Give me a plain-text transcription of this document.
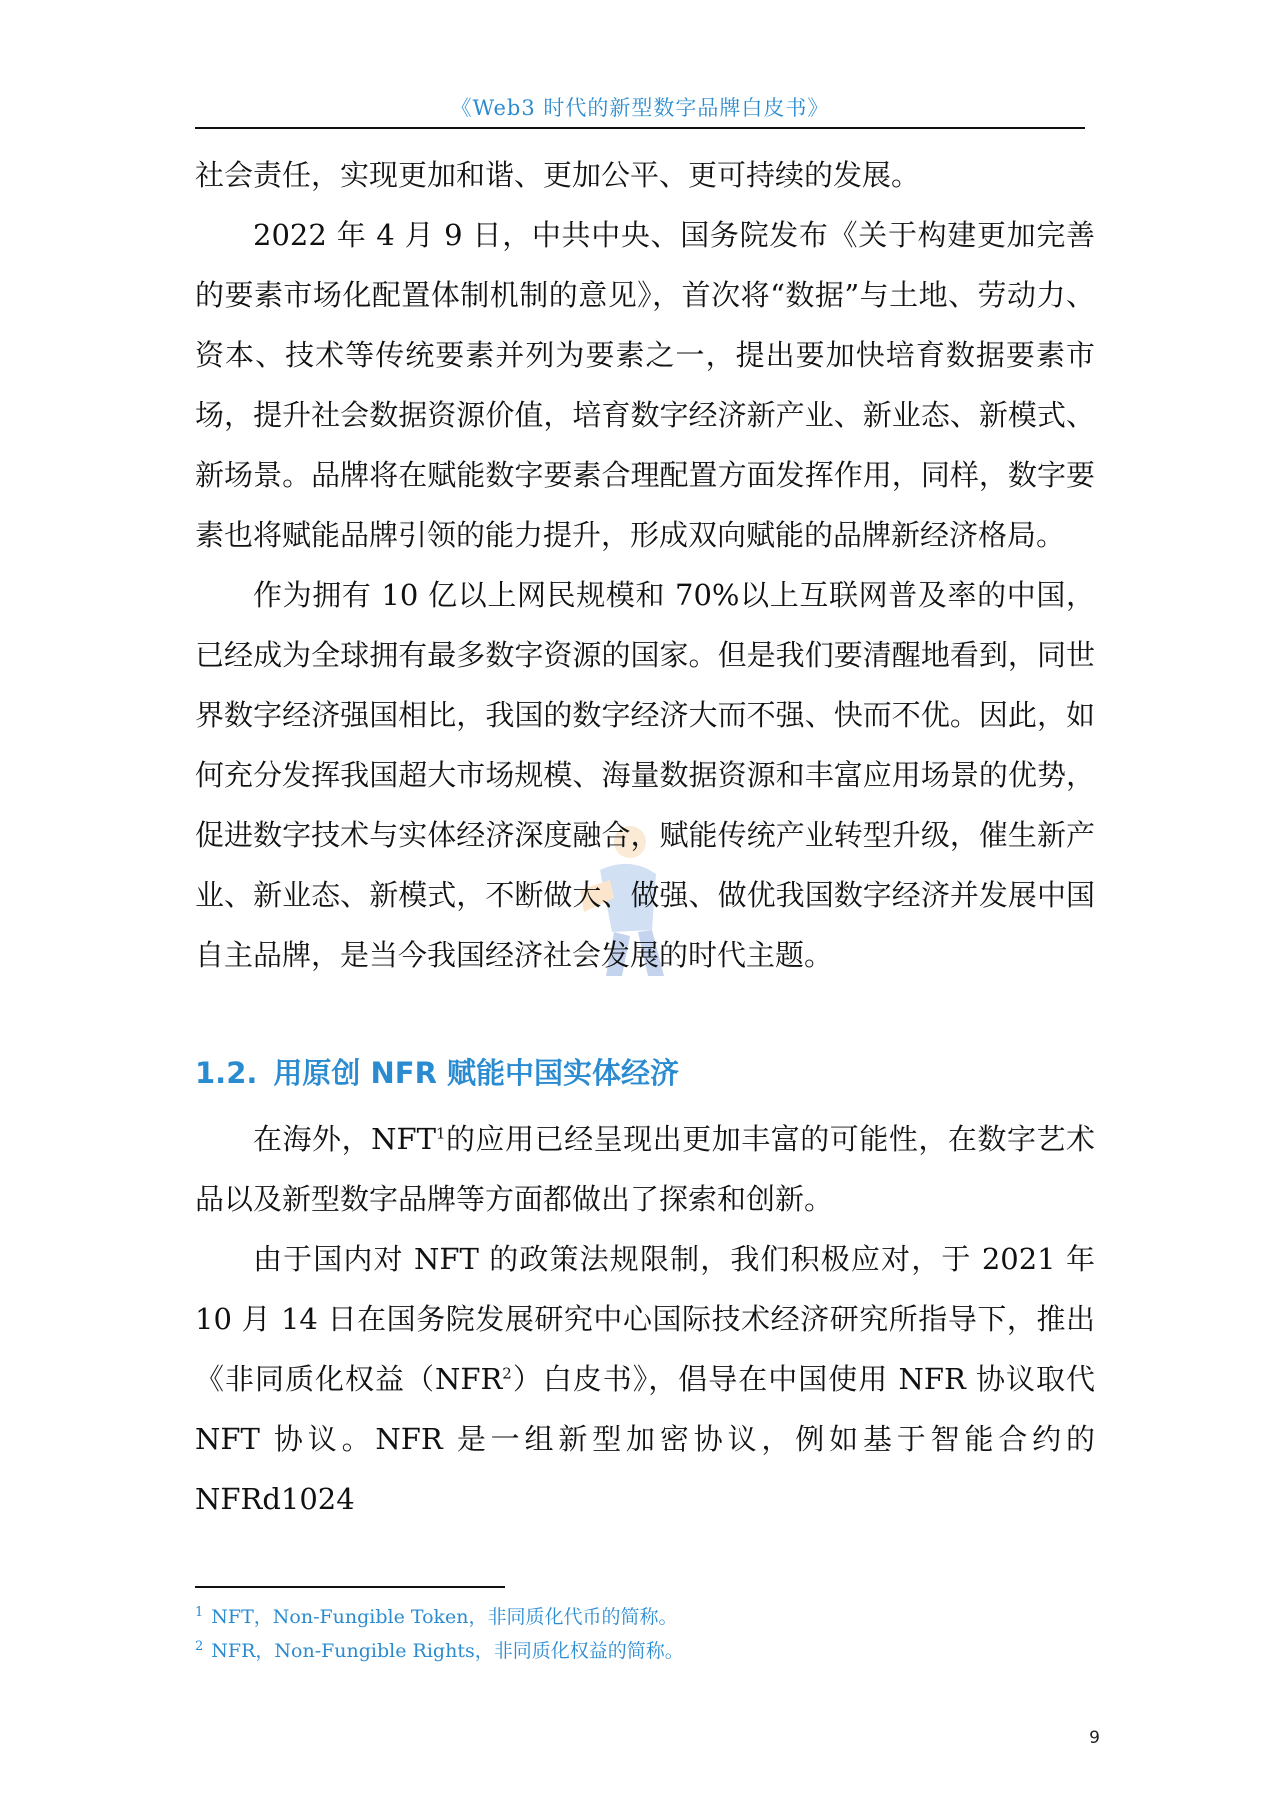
《Web3 时代的新型数字品牌白皮书》

社会责任，实现更加和谐、更加公平、更可持续的发展。

2022 年 4 月 9 日，中共中央、国务院发布《关于构建更加完善的要素市场化配置体制机制的意见》，首次将“数据”与土地、劳动力、资本、技术等传统要素并列为要素之一，提出要加快培育数据要素市场，提升社会数据资源价值，培育数字经济新产业、新业态、新模式、新场景。品牌将在赋能数字要素合理配置方面发挥作用，同样，数字要素也将赋能品牌引领的能力提升，形成双向赋能的品牌新经济格局。

作为拥有 10 亿以上网民规模和 70%以上互联网普及率的中国，已经成为全球拥有最多数字资源的国家。但是我们要清醒地看到，同世界数字经济强国相比，我国的数字经济大而不强、快而不优。因此，如何充分发挥我国超大市场规模、海量数据资源和丰富应用场景的优势，促进数字技术与实体经济深度融合，赋能传统产业转型升级，催生新产业、新业态、新模式，不断做大、做强、做优我国数字经济并发展中国自主品牌，是当今我国经济社会发展的时代主题。

1.2. 用原创 NFR 赋能中国实体经济

在海外，NFT$^1$的应用已经呈现出更加丰富的可能性，在数字艺术品以及新型数字品牌等方面都做出了探索和创新。

由于国内对 NFT 的政策法规限制，我们积极应对，于 2021 年 10 月 14 日在国务院发展研究中心国际技术经济研究所指导下，推出《非同质化权益（NFR$^2$）白皮书》，倡导在中国使用 NFR 协议取代 NFT 协议。NFR 是一组新型加密协议，例如基于智能合约的 NFRd1024

$^1$ NFT，Non-Fungible Token，非同质化代币的简称。

$^2$ NFR，Non-Fungible Rights，非同质化权益的简称。

9
